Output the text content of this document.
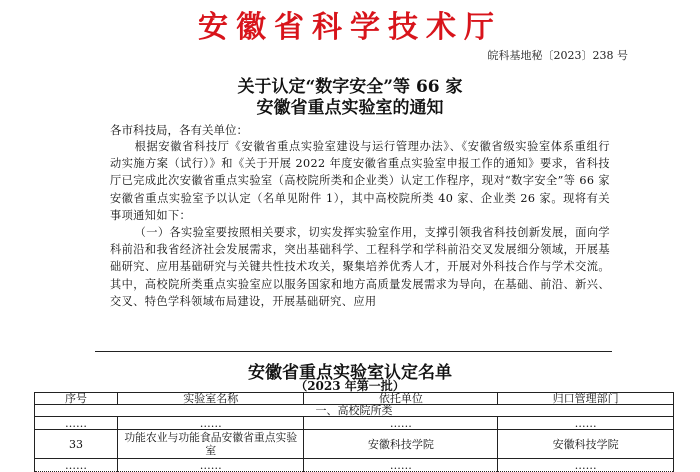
安徽省科学技术厅
皖科基地秘〔2023〕238 号
关于认定“数字安全”等 66 家
安徽省重点实验室的通知
各市科技局，各有关单位：

根据安徽省科技厅《安徽省重点实验室建设与运行管理办法》、《安徽省级实验室体系重组行动实施方案（试行）》和《关于开展 2022 年度安徽省重点实验室申报工作的通知》要求，省科技厅已完成此次安徽省重点实验室（高校院所类和企业类）认定工作程序，现对“数字安全”等 66 家安徽省重点实验室予以认定（名单见附件 1），其中高校院所类 40 家、企业类 26 家。现将有关事项通知如下：

（一）各实验室要按照相关要求，切实发挥实验室作用，支撑引领我省科技创新发展，面向学科前沿和我省经济社会发展需求，突出基础科学、工程科学和学科前沿交叉发展细分领域，开展基础研究、应用基础研究与关键共性技术攻关，聚集培养优秀人才，开展对外科技合作与学术交流。其中，高校院所类重点实验室应以服务国家和地方高质量发展需求为导向，在基础、前沿、新兴、交叉、特色学科领域布局建设，开展基础研究、应用

安徽省重点实验室认定名单
（2023 年第一批）
序号	实验室名称	依托单位	归口管理部门
一、高校院所类			
……	……	……	……
33	功能农业与功能食品安徽省重点实验室	安徽科技学院	安徽科技学院
……	……	……	……
